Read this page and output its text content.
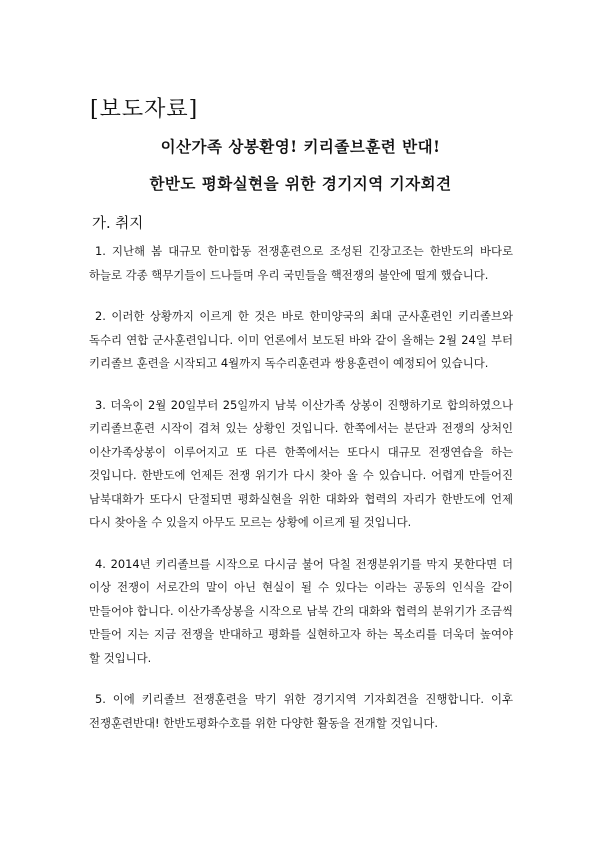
[보도자료]
이산가족 상봉환영! 키리졸브훈련 반대!
한반도 평화실현을 위한 경기지역 기자회견
가. 취지

1. 지난해 봄 대규모 한미합동 전쟁훈련으로 조성된 긴장고조는 한반도의 바다로 하늘로 각종 핵무기들이 드나들며 우리 국민들을 핵전쟁의 불안에 떨게 했습니다.

2. 이러한 상황까지 이르게 한 것은 바로 한미양국의 최대 군사훈련인 키리졸브와 독수리 연합 군사훈련입니다. 이미 언론에서 보도된 바와 같이 올해는 2월 24일 부터 키리졸브 훈련을 시작되고 4월까지 독수리훈련과 쌍용훈련이 예정되어 있습니다.

3. 더욱이 2월 20일부터 25일까지 남북 이산가족 상봉이 진행하기로 합의하였으나 키리졸브훈련 시작이 겹쳐 있는 상황인 것입니다. 한쪽에서는 분단과 전쟁의 상처인 이산가족상봉이 이루어지고 또 다른 한쪽에서는 또다시 대규모 전쟁연습을 하는 것입니다. 한반도에 언제든 전쟁 위기가 다시 찾아 올 수 있습니다. 어렵게 만들어진 남북대화가 또다시 단절되면 평화실현을 위한 대화와 협력의 자리가 한반도에 언제 다시 찾아올 수 있을지 아무도 모르는 상황에 이르게 될 것입니다.

4. 2014년 키리졸브를 시작으로 다시금 불어 닥칠 전쟁분위기를 막지 못한다면 더 이상 전쟁이 서로간의 말이 아닌 현실이 될 수 있다는 이라는 공동의 인식을 같이 만들어야 합니다. 이산가족상봉을 시작으로 남북 간의 대화와 협력의 분위기가 조금씩 만들어 지는 지금 전쟁을 반대하고 평화를 실현하고자 하는 목소리를 더욱더 높여야 할 것입니다.

5. 이에 키리졸브 전쟁훈련을 막기 위한 경기지역 기자회견을 진행합니다. 이후 전쟁훈련반대! 한반도평화수호를 위한 다양한 활동을 전개할 것입니다.
